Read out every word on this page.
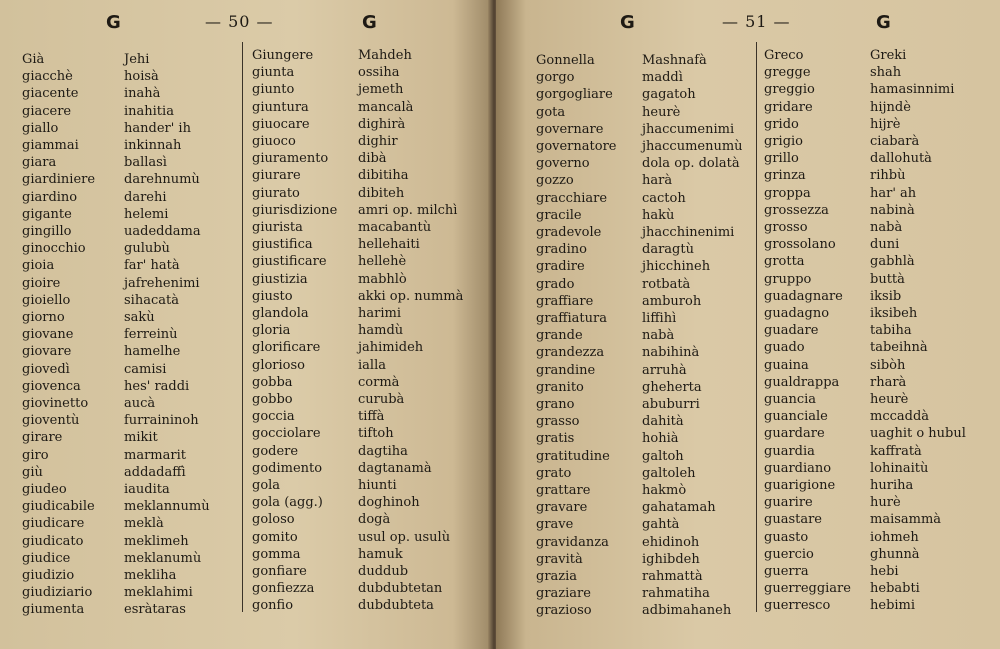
G	— 50 —	G
Già	Jehi
giacchè	hoisà
giacente	inahà
giacere	inahitia
giallo	hander' ih
giammai	inkinnah
giara	ballasì
giardiniere darehnumù
giardino	darehi
gigante	helemi
gingillo	uadeddama
ginocchio	gulubù
gioia	far' hatà
gioire	jafrehenimi
gioiello	sihacatà
giorno	sakù
giovane	ferreinù
giovare	hamelhe
giovedì	camisi
giovenca	hes' raddi
giovinetto	aucà
gioventù	furraininoh
girare	mikit
giro	marmarit
giù	addadaffì
giudeo	iaudita
giudicabile meklannumù
giudicare	meklà
giudicato	meklimeh
giudice	meklanumù
giudizio	mekliha
giudiziario meklahimi
giumenta	esràtaras
Giungere	Mahdeh
giunta	ossiha
giunto	jemeth
giuntura	mancalà
giuocare	dighirà
giuoco	dighir
giuramento dibà
giurare	dibitiha
giurato	dibiteh
giurisdizione amri op. milchì
giurista	macabantù
giustifica	hellehaiti
giustificare hellehè
giustizia	mabhlò
giusto	akki op. nummà
glandola	harimi
gloria	hamdù
glorificare	jahimideh
glorioso	ialla
gobba	cormà
gobbo	curubà
goccia	tiffà
gocciolare	tiftoh
godere	dagtiha
godimento	dagtanamà
gola	hiunti
gola (agg.)	doghinoh
goloso	dogà
gomito	usul op. usulù
gomma	hamuk
gonfiare	duddub
gonfiezza	dubdubtetan
gonfio	dubdubteta
G	— 51 —	G
Gonnella	Mashnafà
gorgo	maddì
gorgogliare gagatoh
gota	heurè
governare	jhaccumenimi
governatore jhaccumenumù
governo	dola op. dolatà
gozzo	harà
gracchiare	cactoh
gracile	hakù
gradevole	jhacchinenimi
gradino	daragtù
gradire	jhicchineh
grado	rotbatà
graffiare	amburoh
graffiatura	liffihì
grande	nabà
grandezza	nabihinà
grandine	arruhà
granito	gheherta
grano	abuburri
grasso	dahità
gratis	hohià
gratitudine galtoh
grato	galtoleh
grattare	hakmò
gravare	gahatamah
grave	gahtà
gravidanza	ehidinoh
gravità	ighibdeh
grazia	rahmattà
graziare	rahmatiha
grazioso	adbimahaneh
Greco	Greki
gregge	shah
greggio	hamasinnimi
gridare	hijndè
grido	hijrè
grigio	ciabarà
grillo	dallohutà
grinza	rihbù
groppa	har' ah
grossezza	nabinà
grosso	nabà
grossolano	duni
grotta	gabhlà
gruppo	buttà
guadagnare iksib
guadagno	iksibeh
guadare	tabiha
guado	tabeihnà
guaina	sibòh
gualdrappa rharà
guancia	heurè
guanciale	mccaddà
guardare	uaghit o hubul
guardia	kaffratà
guardiano	lohinaitù
guarigione	huriha
guarire	hurè
guastare	maisammà
guasto	iohmeh
guercio	ghunnà
guerra	hebi
guerreggiare hebabti
guerresco	hebimi
